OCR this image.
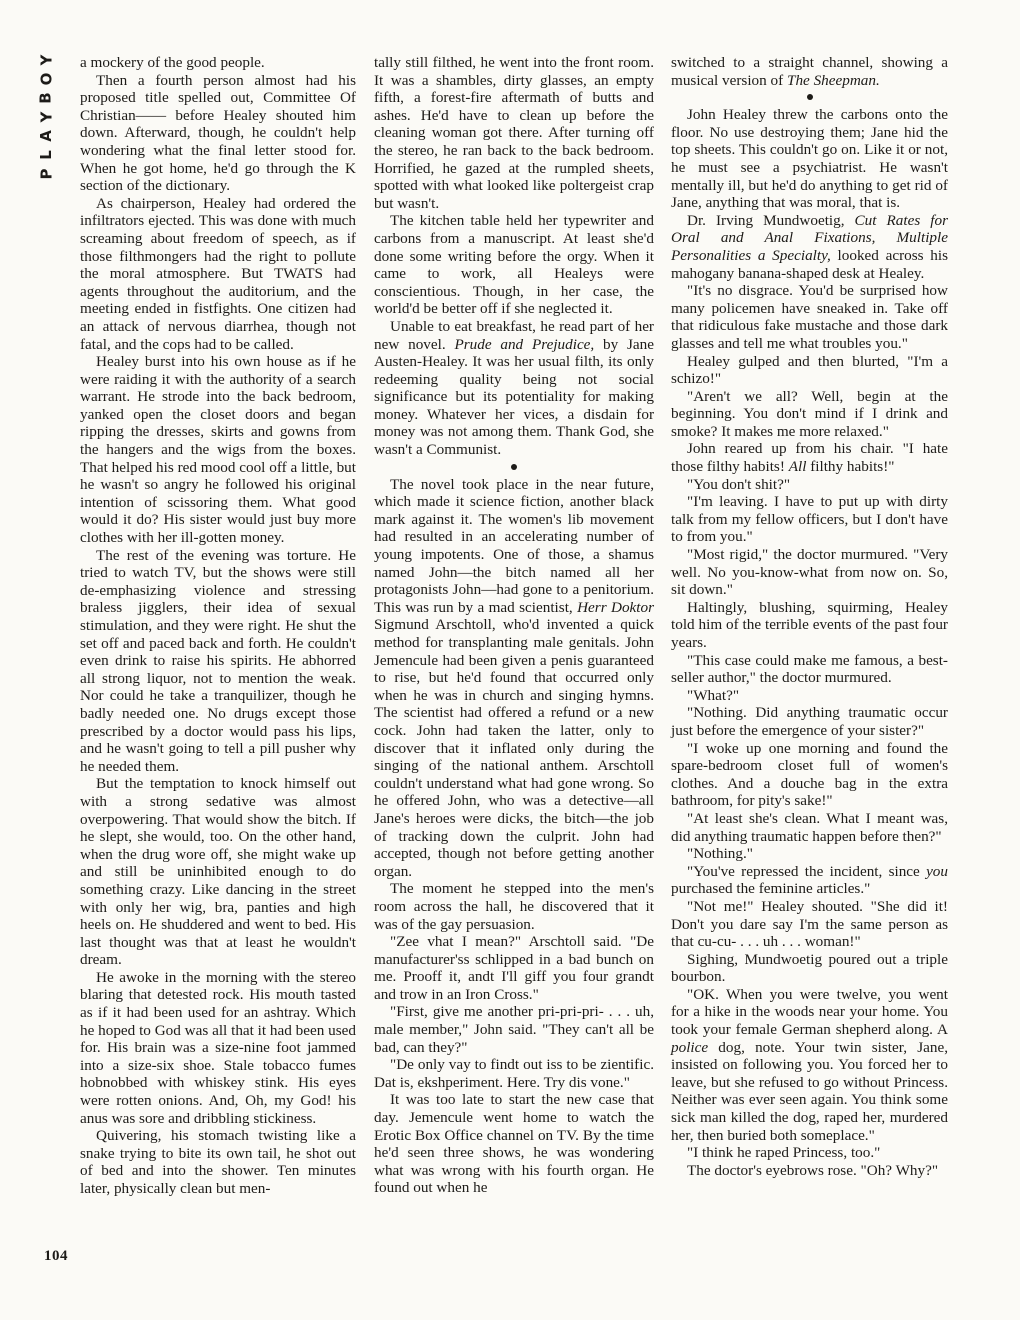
Y
O
B
Y
A
L
P
104

a mockery of the good people.

Then a fourth person almost had his proposed title spelled out, Committee Of Christian—— before Healey shouted him down. Afterward, though, he couldn't help wondering what the final letter stood for. When he got home, he'd go through the K section of the dictionary.

As chairperson, Healey had ordered the infiltrators ejected. This was done with much screaming about freedom of speech, as if those filthmongers had the right to pollute the moral atmosphere. But TWATS had agents throughout the auditorium, and the meeting ended in fistfights. One citizen had an attack of nervous diarrhea, though not fatal, and the cops had to be called.

Healey burst into his own house as if he were raiding it with the authority of a search warrant. He strode into the back bedroom, yanked open the closet doors and began ripping the dresses, skirts and gowns from the hangers and the wigs from the boxes. That helped his red mood cool off a little, but he wasn't so angry he followed his original intention of scissoring them. What good would it do? His sister would just buy more clothes with her ill-gotten money.

The rest of the evening was torture. He tried to watch TV, but the shows were still de-emphasizing violence and stressing braless jigglers, their idea of sexual stimulation, and they were right. He shut the set off and paced back and forth. He couldn't even drink to raise his spirits. He abhorred all strong liquor, not to mention the weak. Nor could he take a tranquilizer, though he badly needed one. No drugs except those prescribed by a doctor would pass his lips, and he wasn't going to tell a pill pusher why he needed them.

But the temptation to knock himself out with a strong sedative was almost overpowering. That would show the bitch. If he slept, she would, too. On the other hand, when the drug wore off, she might wake up and still be uninhibited enough to do something crazy. Like dancing in the street with only her wig, bra, panties and high heels on. He shuddered and went to bed. His last thought was that at least he wouldn't dream.

He awoke in the morning with the stereo blaring that detested rock. His mouth tasted as if it had been used for an ashtray. Which he hoped to God was all that it had been used for. His brain was a size-nine foot jammed into a size-six shoe. Stale tobacco fumes hobnobbed with whiskey stink. His eyes were rotten onions. And, Oh, my God! his anus was sore and dribbling stickiness.

Quivering, his stomach twisting like a snake trying to bite its own tail, he shot out of bed and into the shower. Ten minutes later, physically clean but men-

tally still filthed, he went into the front room. It was a shambles, dirty glasses, an empty fifth, a forest-fire aftermath of butts and ashes. He'd have to clean up before the cleaning woman got there. After turning off the stereo, he ran back to the back bedroom. Horrified, he gazed at the rumpled sheets, spotted with what looked like poltergeist crap but wasn't.

The kitchen table held her typewriter and carbons from a manuscript. At least she'd done some writing before the orgy. When it came to work, all Healeys were conscientious. Though, in her case, the world'd be better off if she neglected it.

Unable to eat breakfast, he read part of her new novel. Prude and Prejudice, by Jane Austen-Healey. It was her usual filth, its only redeeming quality being not social significance but its potentiality for making money. Whatever her vices, a disdain for money was not among them. Thank God, she wasn't a Communist.

The novel took place in the near future, which made it science fiction, another black mark against it. The women's lib movement had resulted in an accelerating number of young impotents. One of those, a shamus named John—the bitch named all her protagonists John—had gone to a penitorium. This was run by a mad scientist, Herr Doktor Sigmund Arschtoll, who'd invented a quick method for transplanting male genitals. John Jemencule had been given a penis guaranteed to rise, but he'd found that occurred only when he was in church and singing hymns. The scientist had offered a refund or a new cock. John had taken the latter, only to discover that it inflated only during the singing of the national anthem. Arschtoll couldn't understand what had gone wrong. So he offered John, who was a detective—all Jane's heroes were dicks, the bitch—the job of tracking down the culprit. John had accepted, though not before getting another organ.

The moment he stepped into the men's room across the hall, he discovered that it was of the gay persuasion.

"Zee vhat I mean?" Arschtoll said. "De manufacturer'ss schlipped in a bad bunch on me. Prooff it, andt I'll giff you four grandt and trow in an Iron Cross."

"First, give me another pri-pri-pri- . . . uh, male member," John said. "They can't all be bad, can they?"

"De only vay to findt out iss to be zientific. Dat is, ekshperiment. Here. Try dis vone."

It was too late to start the new case that day. Jemencule went home to watch the Erotic Box Office channel on TV. By the time he'd seen three shows, he was wondering what was wrong with his fourth organ. He found out when he

switched to a straight channel, showing a musical version of The Sheepman.

John Healey threw the carbons onto the floor. No use destroying them; Jane hid the top sheets. This couldn't go on. Like it or not, he must see a psychiatrist. He wasn't mentally ill, but he'd do anything to get rid of Jane, anything that was moral, that is.

Dr. Irving Mundwoetig, Cut Rates for Oral and Anal Fixations, Multiple Personalities a Specialty, looked across his mahogany banana-shaped desk at Healey.

"It's no disgrace. You'd be surprised how many policemen have sneaked in. Take off that ridiculous fake mustache and those dark glasses and tell me what troubles you."

Healey gulped and then blurted, "I'm a schizo!"

"Aren't we all? Well, begin at the beginning. You don't mind if I drink and smoke? It makes me more relaxed."

John reared up from his chair. "I hate those filthy habits! All filthy habits!"

"You don't shit?"

"I'm leaving. I have to put up with dirty talk from my fellow officers, but I don't have to from you."

"Most rigid," the doctor murmured. "Very well. No you-know-what from now on. So, sit down."

Haltingly, blushing, squirming, Healey told him of the terrible events of the past four years.

"This case could make me famous, a best-seller author," the doctor murmured.

"What?"

"Nothing. Did anything traumatic occur just before the emergence of your sister?"

"I woke up one morning and found the spare-bedroom closet full of women's clothes. And a douche bag in the extra bathroom, for pity's sake!"

"At least she's clean. What I meant was, did anything traumatic happen before then?"

"Nothing."

"You've repressed the incident, since you purchased the feminine articles."

"Not me!" Healey shouted. "She did it! Don't you dare say I'm the same person as that cu-cu- . . . uh . . . woman!"

Sighing, Mundwoetig poured out a triple bourbon.

"OK. When you were twelve, you went for a hike in the woods near your home. You took your female German shepherd along. A police dog, note. Your twin sister, Jane, insisted on following you. You forced her to leave, but she refused to go without Princess. Neither was ever seen again. You think some sick man killed the dog, raped her, murdered her, then buried both someplace."

"I think he raped Princess, too."

The doctor's eyebrows rose. "Oh? Why?"
